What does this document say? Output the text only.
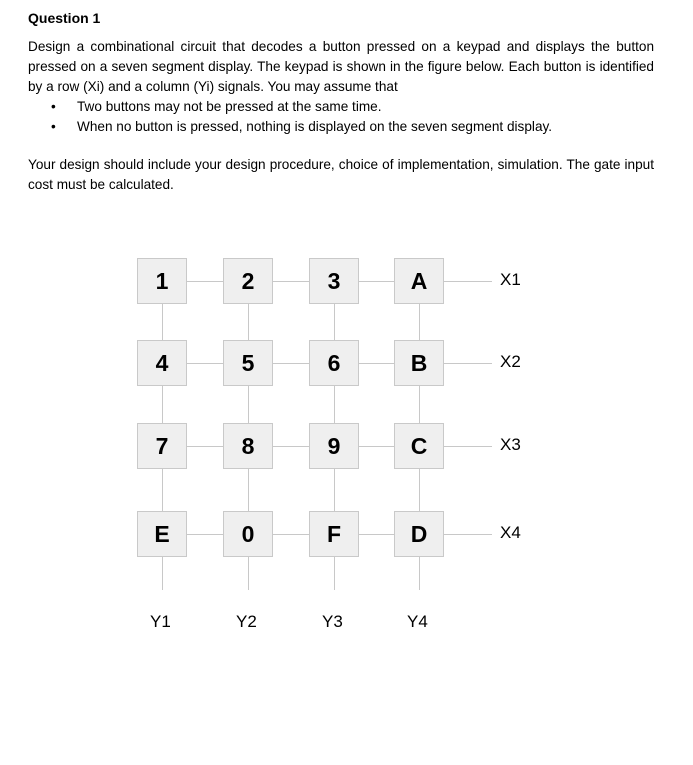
Question 1

Design a combinational circuit that decodes a button pressed on a keypad and displays the button pressed on a seven segment display. The keypad is shown in the figure below. Each button is identified by a row (Xi) and a column (Yi) signals. You may assume that

• Two buttons may not be pressed at the same time.
• When no button is pressed, nothing is displayed on the seven segment display.

Your design should include your design procedure, choice of implementation, simulation. The gate input cost must be calculated.

1	2	3	A	X1
4	5	6	B	X2
7	8	9	C	X3
E	0	F	D	X4
Y1	Y2	Y3	Y4
